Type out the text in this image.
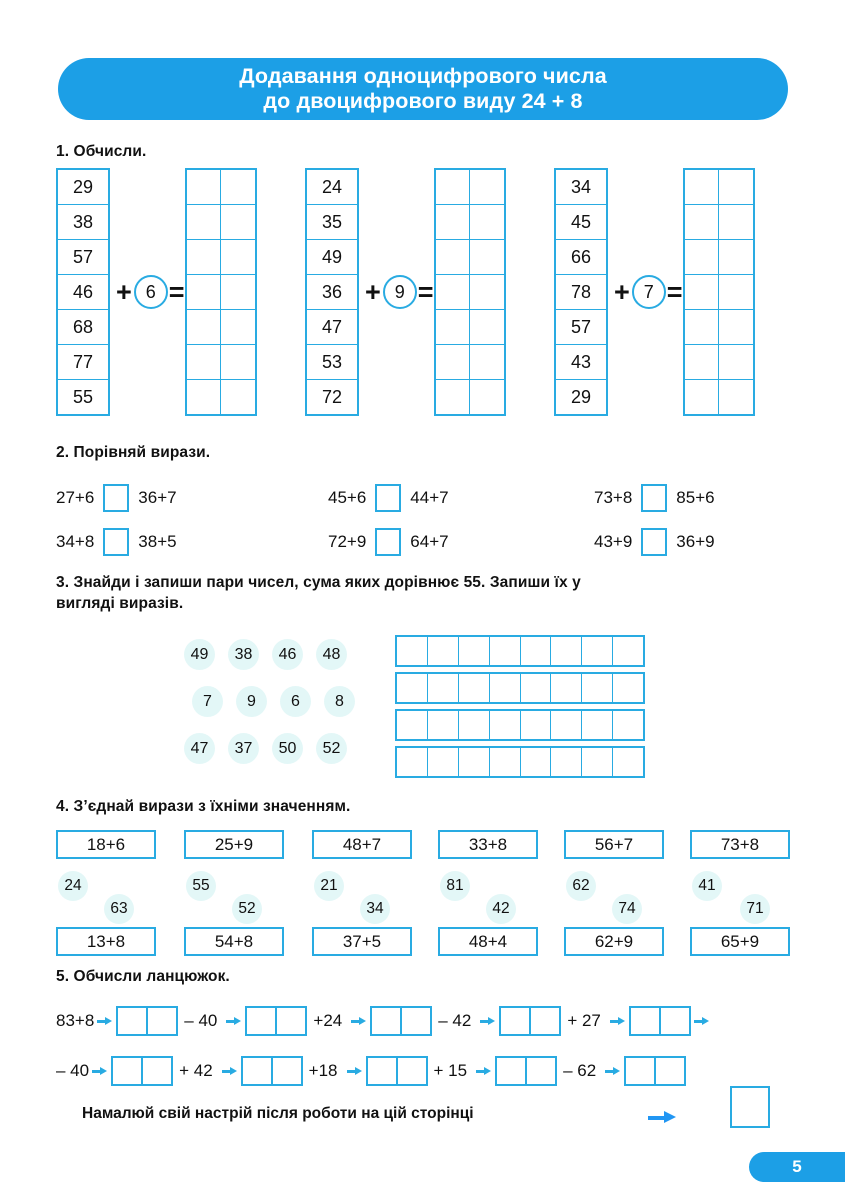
Додавання одноцифрового числа
до двоцифрового виду 24 + 8
1. Обчисли.
29
38
57
46
68
77
55
+ 6 =
24
35
49
36
47
53
72
+ 9 =
34
45
66
78
57
43
29
+ 7 =
2. Порівняй вирази.
27+6	36+7	45+6	44+7	73+8	85+6
34+8	38+5	72+9	64+7	43+9	36+9
3. Знайди і запиши пари чисел, сума яких дорівнює 55. Запиши їх у
вигляді виразів.
49	38	46	48
7	9	6	8
47	37	50	52
4. З’єднай вирази з їхніми значенням.
18+6	25+9	48+7	33+8	56+7	73+8
24	55	21	81	62	41
63	52	34	42	74	71
13+8	54+8	37+5	48+4	62+9	65+9
5. Обчисли ланцюжок.
83+8	– 40	+24	– 42	+ 27
– 40	+ 42	+18	+ 15	– 62
Намалюй свій настрій після роботи на цій сторінці
5
